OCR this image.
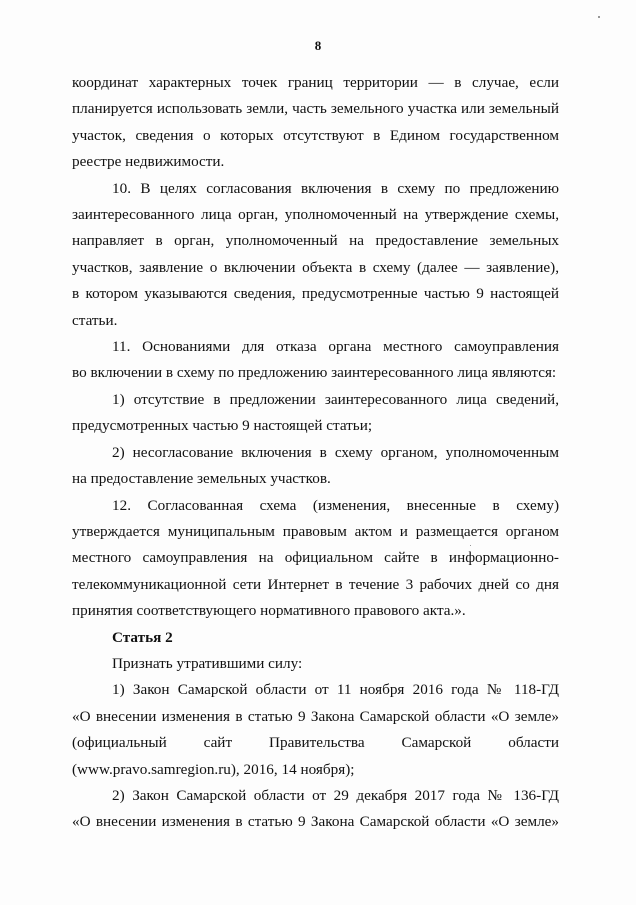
8

координат характерных точек границ территории — в случае, если
планируется использовать земли, часть земельного участка или земельный
участок, сведения о которых отсутствуют в Едином государственном
реестре недвижимости.

10. В целях согласования включения в схему по предложению
заинтересованного лица орган, уполномоченный на утверждение схемы,
направляет в орган, уполномоченный на предоставление земельных
участков, заявление о включении объекта в схему (далее — заявление),
в котором указываются сведения, предусмотренные частью 9 настоящей
статьи.

11. Основаниями для отказа органа местного самоуправления
во включении в схему по предложению заинтересованного лица являются:

1) отсутствие в предложении заинтересованного лица сведений,
предусмотренных частью 9 настоящей статьи;

2) несогласование включения в схему органом, уполномоченным
на предоставление земельных участков.

12. Согласованная схема (изменения, внесенные в схему)
утверждается муниципальным правовым актом и размещается органом
местного самоуправления на официальном сайте в информационно-
телекоммуникационной сети Интернет в течение 3 рабочих дней со дня
принятия соответствующего нормативного правового акта.».

Статья 2

Признать утратившими силу:

1) Закон Самарской области от 11 ноября 2016 года № 118-ГД
«О внесении изменения в статью 9 Закона Самарской области «О земле»
(официальный сайт Правительства Самарской области
(www.pravo.samregion.ru), 2016, 14 ноября);

2) Закон Самарской области от 29 декабря 2017 года № 136-ГД
«О внесении изменения в статью 9 Закона Самарской области «О земле»
